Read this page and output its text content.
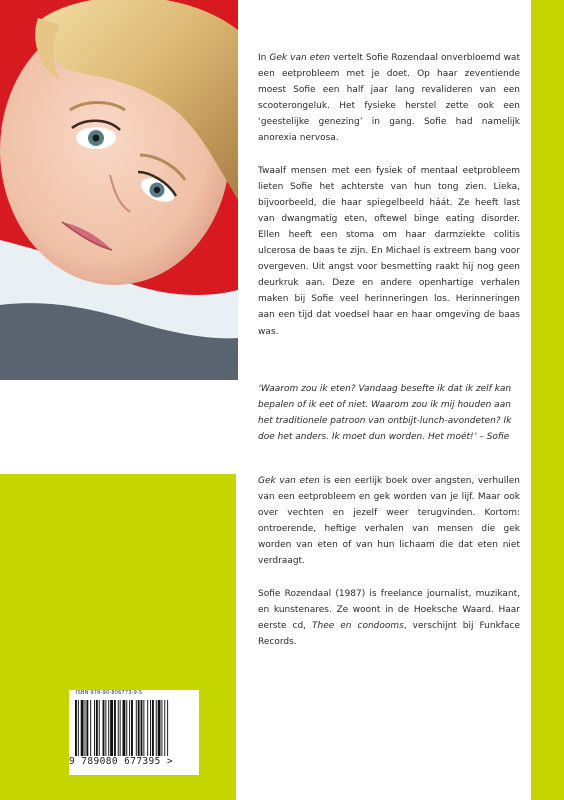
In Gek van eten vertelt Sofie Rozendaal onverbloemd wat een eetprobleem met je doet. Op haar zeventiende moest Sofie een half jaar lang revalideren van een scooterongeluk. Het fysieke herstel zette ook een ‘geestelijke genezing’ in gang. Sofie had namelijk anorexia nervosa.

Twaalf mensen met een fysiek of mentaal eetprobleem lieten Sofie het achterste van hun tong zien. Lieka, bijvoorbeeld, die haar spiegelbeeld háát. Ze heeft last van dwangmatig eten, oftewel binge eating disorder. Ellen heeft een stoma om haar darmziekte colitis ulcerosa de baas te zijn. En Michael is extreem bang voor overgeven. Uit angst voor besmetting raakt hij nog geen deurkruk aan. Deze en andere openhartige verhalen maken bij Sofie veel herinneringen los. Herinneringen aan een tijd dat voedsel haar en haar omgeving de baas was.

‘Waarom zou ik eten? Vandaag besefte ik dat ik zelf kan bepalen of ik eet of niet. Waarom zou ik mij houden aan het traditionele patroon van ontbijt-lunch-avondeten? Ik doe het anders. Ik moet dun worden. Het moét!’ – Sofie

Gek van eten is een eerlijk boek over angsten, verhullen van een eetprobleem en gek worden van je lijf. Maar ook over vechten en jezelf weer terugvinden. Kortom: ontroerende, heftige verhalen van mensen die gek worden van eten of van hun lichaam die dat eten niet verdraagt.

Sofie Rozendaal (1987) is freelance journalist, muzikant, en kunstenares. Ze woont in de Hoeksche Waard. Haar eerste cd, Thee en condooms, verschijnt bij Funkface Records.

ISBN 978-90-806773-9-5
9 789080 677395 >
